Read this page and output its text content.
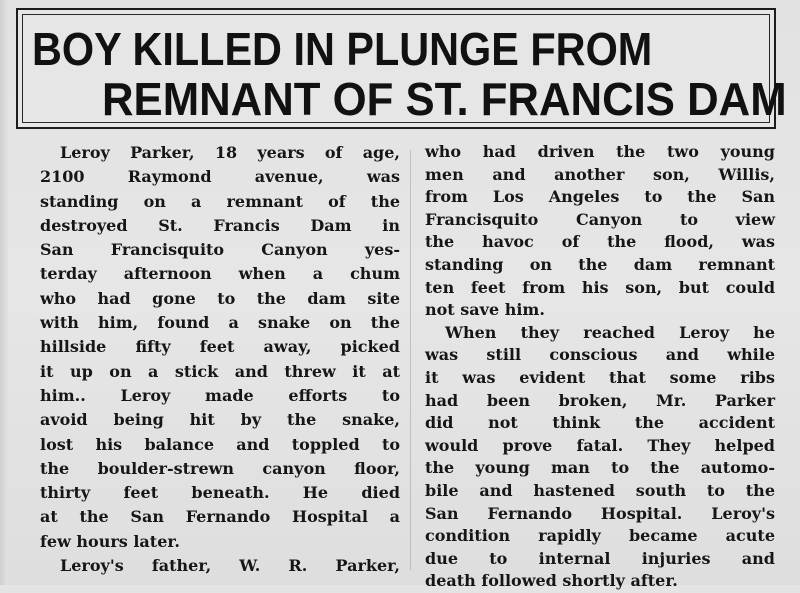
BOY KILLED IN PLUNGE FROM
REMNANT OF ST. FRANCIS DAM
Leroy Parker, 18 years of age,
2100 Raymond avenue, was
standing on a remnant of the
destroyed St. Francis Dam in
San Francisquito Canyon yes-
terday afternoon when a chum
who had gone to the dam site
with him, found a snake on the
hillside fifty feet away, picked
it up on a stick and threw it at
him.. Leroy made efforts to
avoid being hit by the snake,
lost his balance and toppled to
the boulder-strewn canyon floor,
thirty feet beneath. He died
at the San Fernando Hospital a
few hours later.
Leroy's father, W. R. Parker,
who had driven the two young
men and another son, Willis,
from Los Angeles to the San
Francisquito Canyon to view
the havoc of the flood, was
standing on the dam remnant
ten feet from his son, but could
not save him.
When they reached Leroy he
was still conscious and while
it was evident that some ribs
had been broken, Mr. Parker
did not think the accident
would prove fatal. They helped
the young man to the automo-
bile and hastened south to the
San Fernando Hospital. Leroy's
condition rapidly became acute
due to internal injuries and
death followed shortly after.
